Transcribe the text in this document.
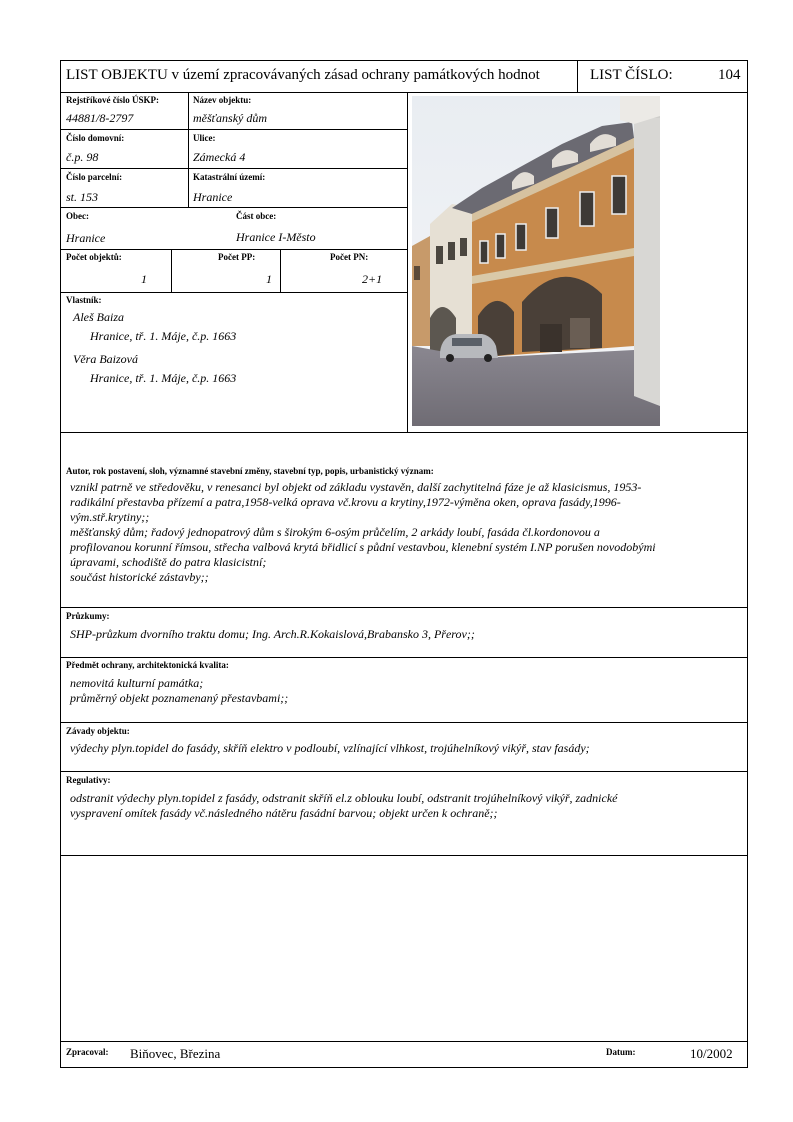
LIST OBJEKTU v území zpracovávaných zásad ochrany památkových hodnot	LIST ČÍSLO:	104
Rejstříkové číslo ÚSKP:
44881/8-2797
Název objektu:
měšťanský dům
Číslo domovní:
č.p. 98
Ulice:
Zámecká 4
Číslo parcelní:
st. 153
Katastrální území:
Hranice
Obec:
Hranice
Část obce:
Hranice I-Město
Počet objektů:
1
Počet PP:
1
Počet PN:
2+1
Vlastník:
Aleš Baiza
Hranice, tř. 1. Máje, č.p. 1663
Věra Baizová
Hranice, tř. 1. Máje, č.p. 1663
Autor, rok postavení, sloh, významné stavební změny, stavební typ, popis, urbanistický význam:
vznikl patrně ve středověku, v renesanci byl objekt od základu vystavěn, další zachytitelná fáze je až klasicismus, 1953-
radikální přestavba přízemí a patra,1958-velká oprava vč.krovu a krytiny,1972-výměna oken, oprava fasády,1996-
vým.stř.krytiny;;
měšťanský dům; řadový jednopatrový dům s širokým 6-osým průčelím, 2 arkády loubí, fasáda čl.kordonovou a
profilovanou korunní římsou, střecha valbová krytá břidlicí s půdní vestavbou, klenební systém I.NP porušen novodobými
úpravami, schodiště do patra klasicistní;
součást historické zástavby;;
Průzkumy:
SHP-průzkum dvorního traktu domu; Ing. Arch.R.Kokaislová,Brabansko 3, Přerov;;
Předmět ochrany, architektonická kvalita:
nemovitá kulturní památka;
průměrný objekt poznamenaný přestavbami;;
Závady objektu:
výdechy plyn.topidel do fasády, skříň elektro v podloubí, vzlínající vlhkost, trojúhelníkový vikýř, stav fasády;
Regulativy:
odstranit výdechy plyn.topidel z fasády, odstranit skříň el.z oblouku loubí, odstranit trojúhelníkový vikýř, zadnické
vyspravení omítek fasády vč.následného nátěru fasádní barvou; objekt určen k ochraně;;
Zpracoval: Biňovec, Březina	Datum:	10/2002
